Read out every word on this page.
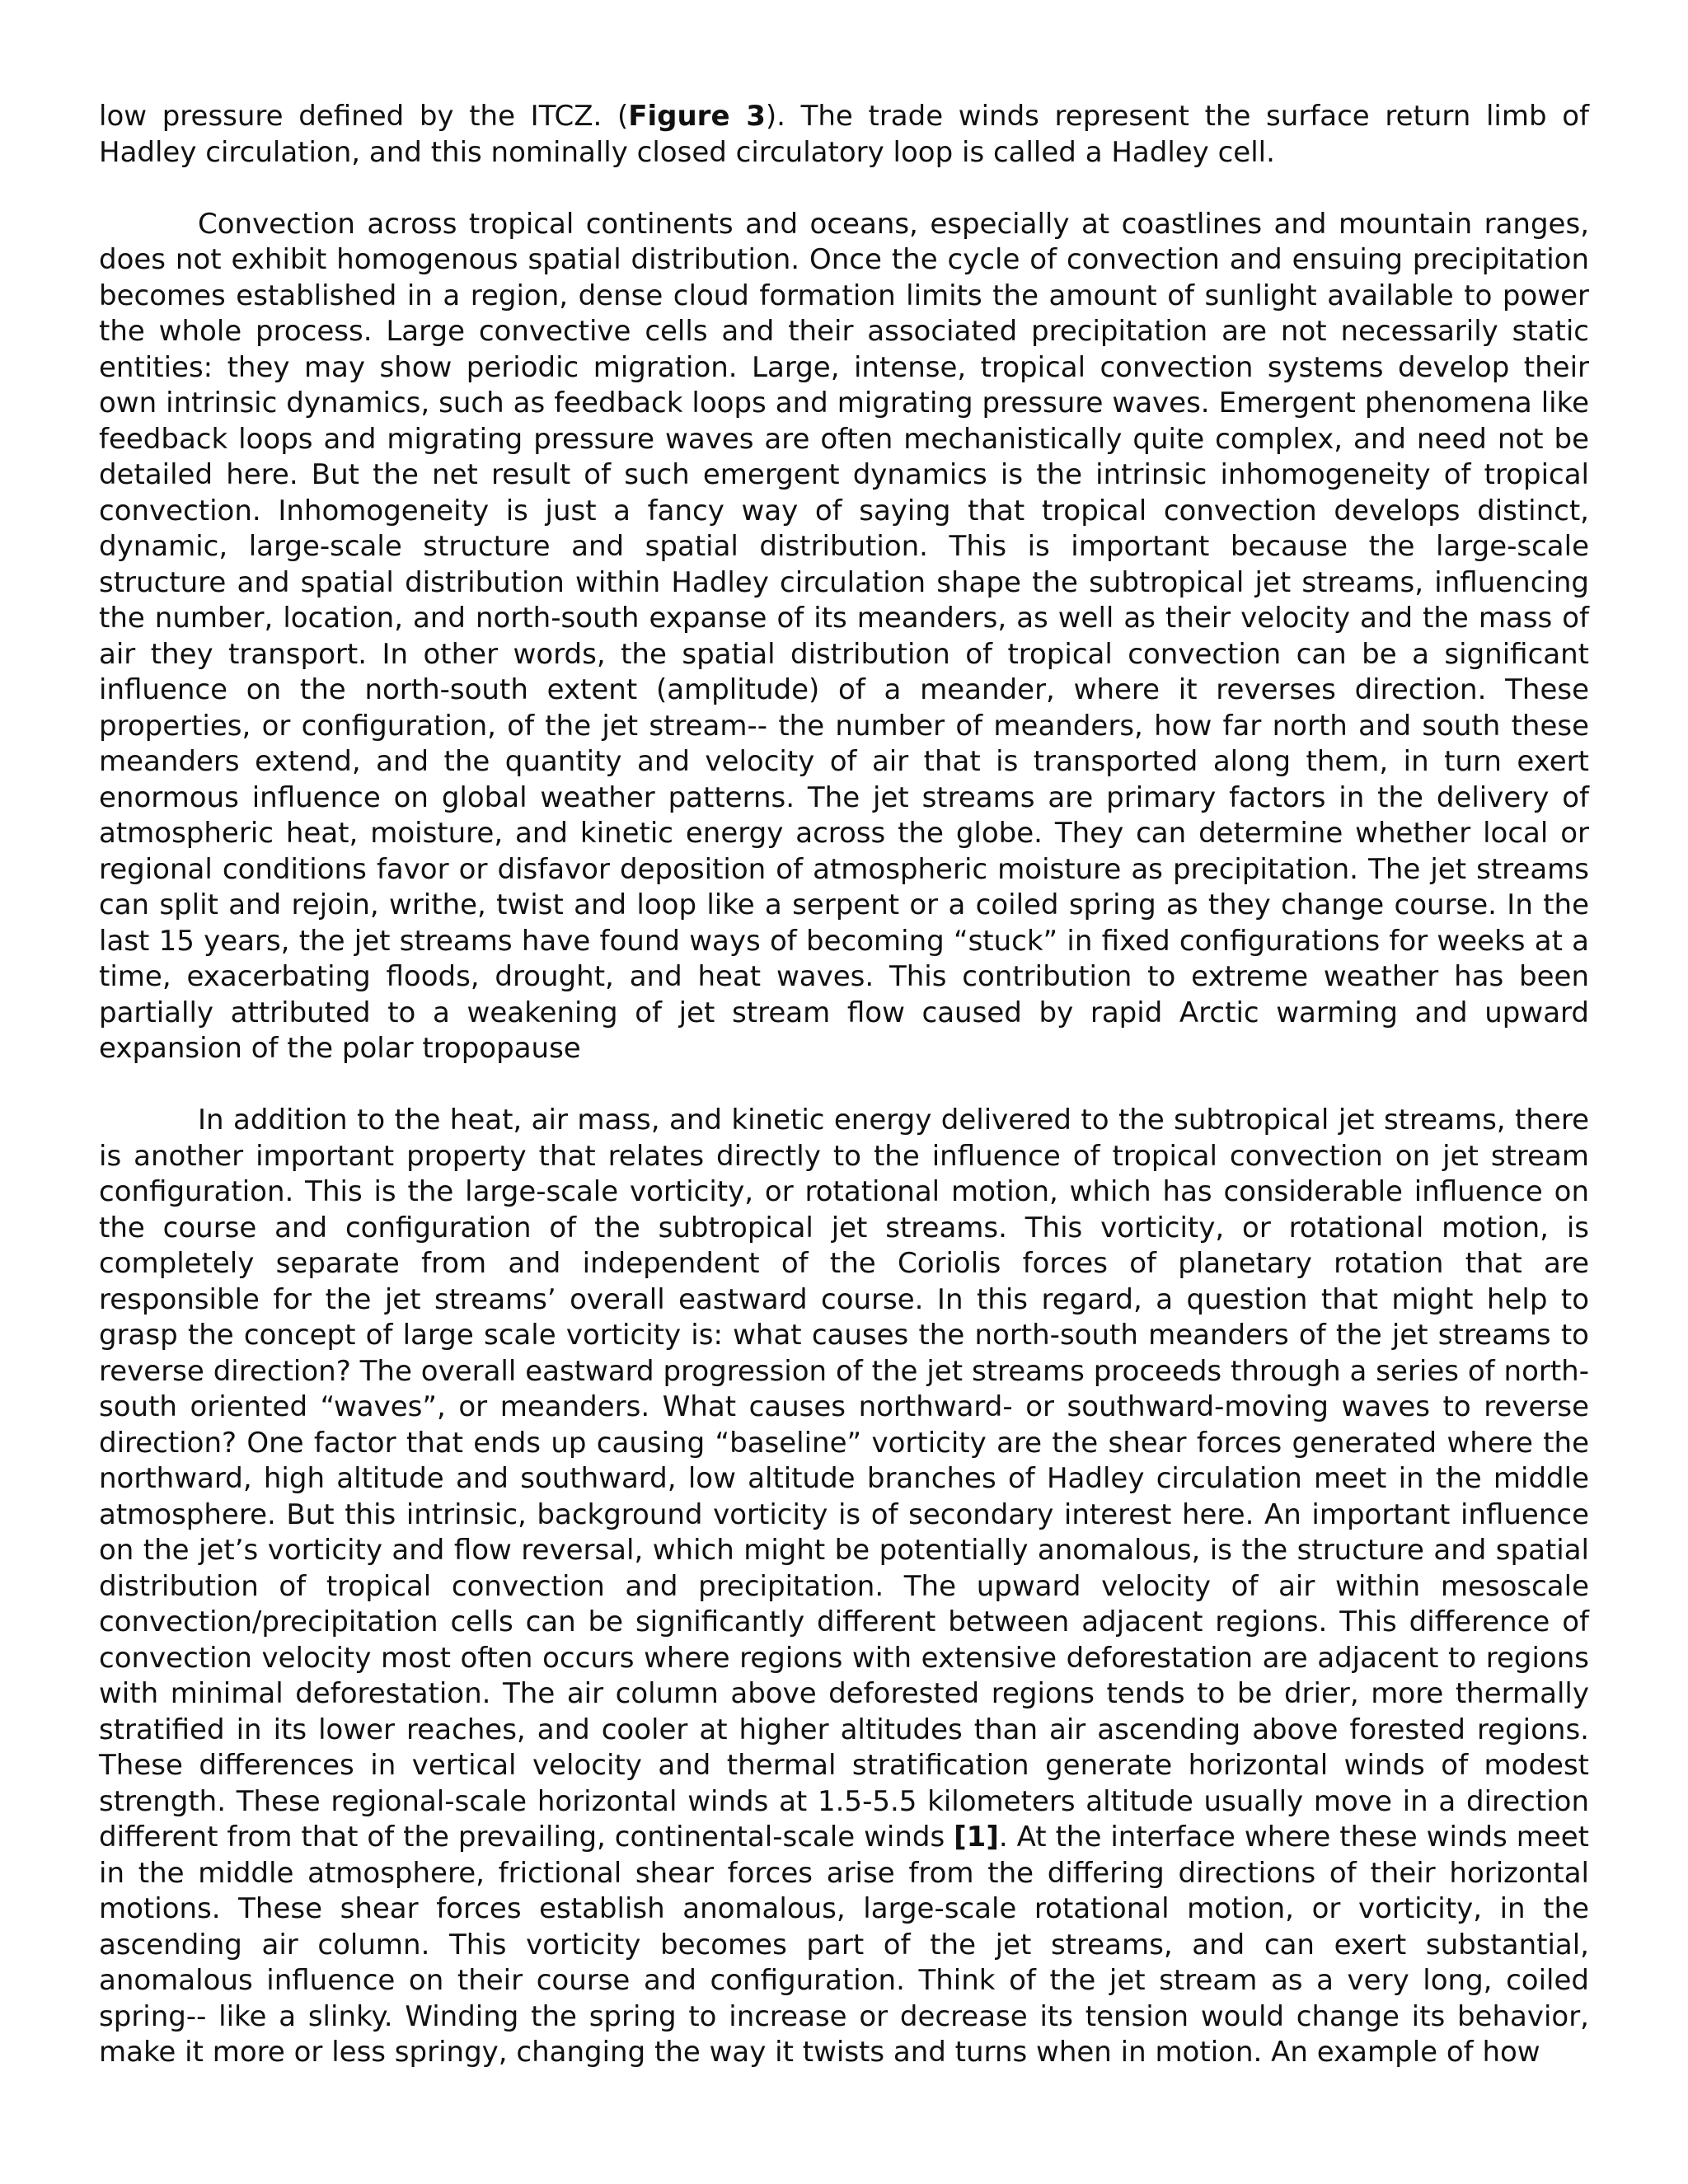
low pressure defined by the ITCZ. (Figure 3). The trade winds represent the surface return limb of Hadley circulation, and this nominally closed circulatory loop is called a Hadley cell.

Convection across tropical continents and oceans, especially at coastlines and mountain ranges, does not exhibit homogenous spatial distribution. Once the cycle of convection and ensuing precipitation becomes established in a region, dense cloud formation limits the amount of sunlight available to power the whole process. Large convective cells and their associated precipitation are not necessarily static entities: they may show periodic migration. Large, intense, tropical convection systems develop their own intrinsic dynamics, such as feedback loops and migrating pressure waves. Emergent phenomena like feedback loops and migrating pressure waves are often mechanistically quite complex, and need not be detailed here. But the net result of such emergent dynamics is the intrinsic inhomogeneity of tropical convection. Inhomogeneity is just a fancy way of saying that tropical convection develops distinct, dynamic, large-scale structure and spatial distribution. This is important because the large-scale structure and spatial distribution within Hadley circulation shape the subtropical jet streams, influencing the number, location, and north-south expanse of its meanders, as well as their velocity and the mass of air they transport. In other words, the spatial distribution of tropical convection can be a significant influence on the north-south extent (amplitude) of a meander, where it reverses direction. These properties, or configuration, of the jet stream-- the number of meanders, how far north and south these meanders extend, and the quantity and velocity of air that is transported along them, in turn exert enormous influence on global weather patterns. The jet streams are primary factors in the delivery of atmospheric heat, moisture, and kinetic energy across the globe. They can determine whether local or regional conditions favor or disfavor deposition of atmospheric moisture as precipitation. The jet streams can split and rejoin, writhe, twist and loop like a serpent or a coiled spring as they change course. In the last 15 years, the jet streams have found ways of becoming “stuck” in fixed configurations for weeks at a time, exacerbating floods, drought, and heat waves. This contribution to extreme weather has been partially attributed to a weakening of jet stream flow caused by rapid Arctic warming and upward expansion of the polar tropopause

In addition to the heat, air mass, and kinetic energy delivered to the subtropical jet streams, there is another important property that relates directly to the influence of tropical convection on jet stream configuration. This is the large-scale vorticity, or rotational motion, which has considerable influence on the course and configuration of the subtropical jet streams. This vorticity, or rotational motion, is completely separate from and independent of the Coriolis forces of planetary rotation that are responsible for the jet streams’ overall eastward course. In this regard, a question that might help to grasp the concept of large scale vorticity is: what causes the north-south meanders of the jet streams to reverse direction? The overall eastward progression of the jet streams proceeds through a series of north-south oriented “waves”, or meanders. What causes northward- or southward-moving waves to reverse direction? One factor that ends up causing “baseline” vorticity are the shear forces generated where the northward, high altitude and southward, low altitude branches of Hadley circulation meet in the middle atmosphere. But this intrinsic, background vorticity is of secondary interest here. An important influence on the jet’s vorticity and flow reversal, which might be potentially anomalous, is the structure and spatial distribution of tropical convection and precipitation. The upward velocity of air within mesoscale convection/precipitation cells can be significantly different between adjacent regions. This difference of convection velocity most often occurs where regions with extensive deforestation are adjacent to regions with minimal deforestation. The air column above deforested regions tends to be drier, more thermally stratified in its lower reaches, and cooler at higher altitudes than air ascending above forested regions. These differences in vertical velocity and thermal stratification generate horizontal winds of modest strength. These regional-scale horizontal winds at 1.5-5.5 kilometers altitude usually move in a direction different from that of the prevailing, continental-scale winds [1]. At the interface where these winds meet in the middle atmosphere, frictional shear forces arise from the differing directions of their horizontal motions. These shear forces establish anomalous, large-scale rotational motion, or vorticity, in the ascending air column. This vorticity becomes part of the jet streams, and can exert substantial, anomalous influence on their course and configuration. Think of the jet stream as a very long, coiled spring-- like a slinky. Winding the spring to increase or decrease its tension would change its behavior, make it more or less springy, changing the way it twists and turns when in motion. An example of how
